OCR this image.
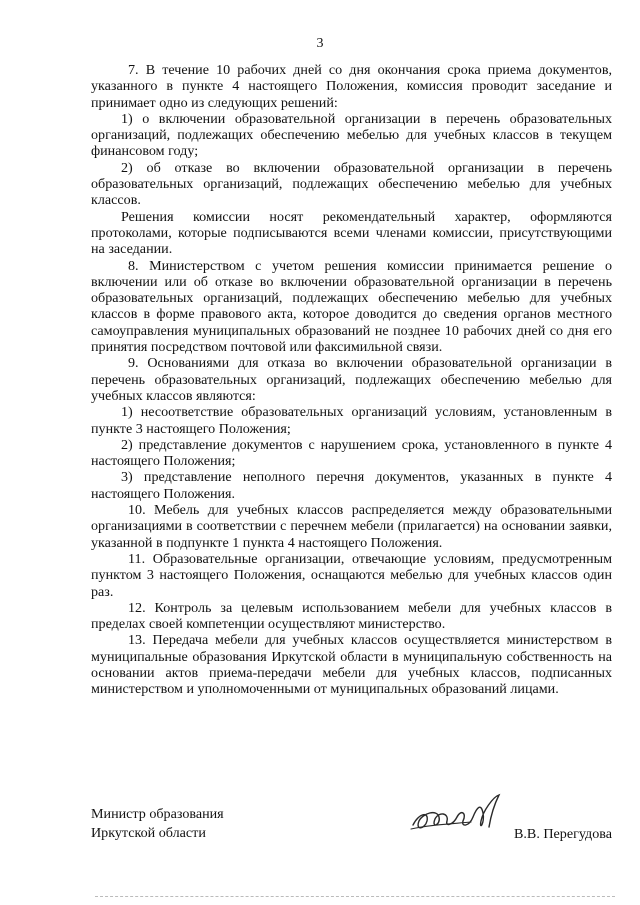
3

7. В течение 10 рабочих дней со дня окончания срока приема документов, указанного в пункте 4 настоящего Положения, комиссия проводит заседание и принимает одно из следующих решений:

1) о включении образовательной организации в перечень образовательных организаций, подлежащих обеспечению мебелью для учебных классов в текущем финансовом году;

2) об отказе во включении образовательной организации в перечень образовательных организаций, подлежащих обеспечению мебелью для учебных классов.

Решения комиссии носят рекомендательный характер, оформляются протоколами, которые подписываются всеми членами комиссии, присутствующими на заседании.

8. Министерством с учетом решения комиссии принимается решение о включении или об отказе во включении образовательной организации в перечень образовательных организаций, подлежащих обеспечению мебелью для учебных классов в форме правового акта, которое доводится до сведения органов местного самоуправления муниципальных образований не позднее 10 рабочих дней со дня его принятия посредством почтовой или факсимильной связи.

9. Основаниями для отказа во включении образовательной организации в перечень образовательных организаций, подлежащих обеспечению мебелью для учебных классов являются:

1) несоответствие образовательных организаций условиям, установленным в пункте 3 настоящего Положения;

2) представление документов с нарушением срока, установленного в пункте 4 настоящего Положения;

3) представление неполного перечня документов, указанных в пункте 4 настоящего Положения.

10. Мебель для учебных классов распределяется между образовательными организациями в соответствии с перечнем мебели (прилагается) на основании заявки, указанной в подпункте 1 пункта 4 настоящего Положения.

11. Образовательные организации, отвечающие условиям, предусмотренным пунктом 3 настоящего Положения, оснащаются мебелью для учебных классов один раз.

12. Контроль за целевым использованием мебели для учебных классов в пределах своей компетенции осуществляют министерство.

13. Передача мебели для учебных классов осуществляется министерством в муниципальные образования Иркутской области в муниципальную собственность на основании актов приема-передачи мебели для учебных классов, подписанных министерством и уполномоченными от муниципальных образований лицами.

Министр образования
Иркутской области	В.В. Перегудова
